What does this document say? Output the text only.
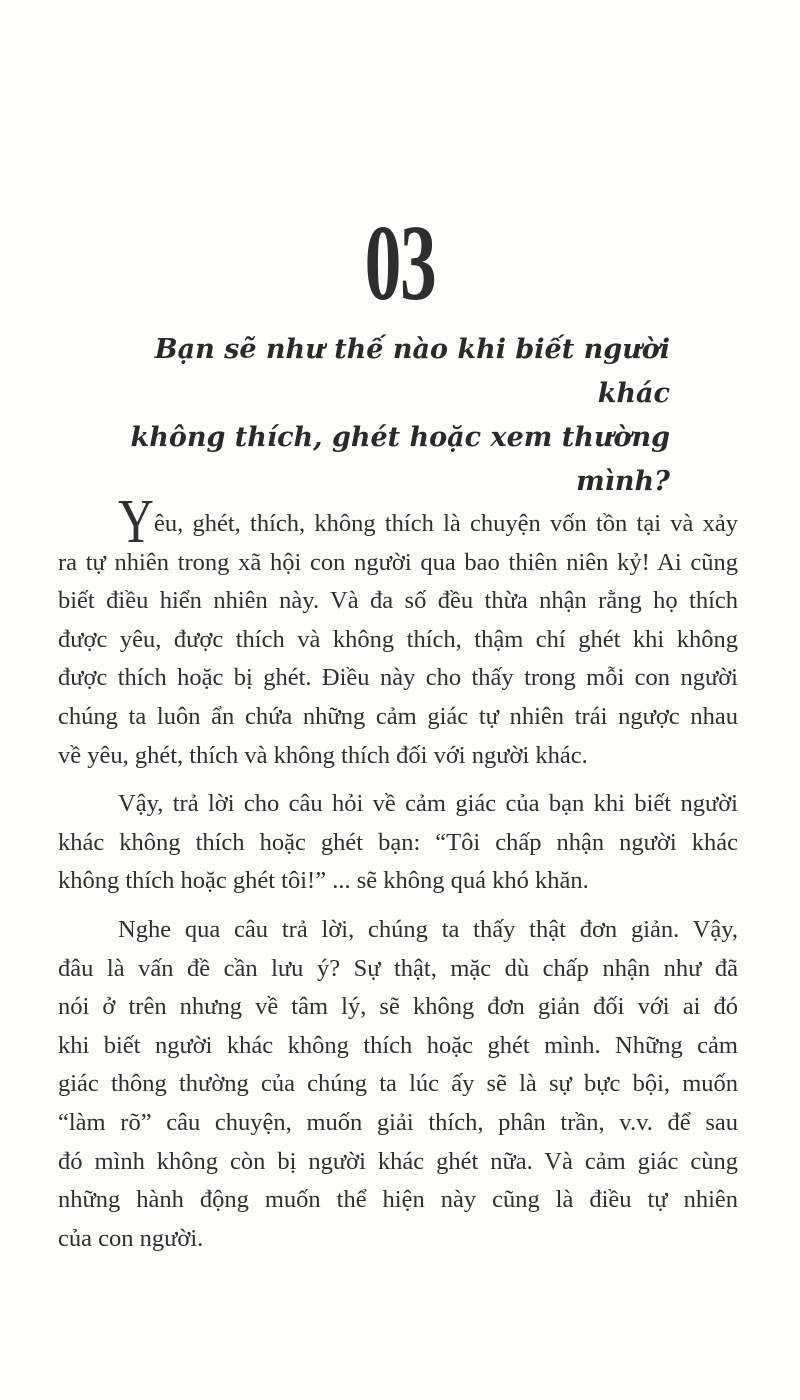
03
Bạn sẽ như thế nào khi biết người khác
không thích, ghét hoặc xem thường mình?
Y êu, ghét, thích, không thích là chuyện vốn tồn tại và xảy
ra tự nhiên trong xã hội con người qua bao thiên niên kỷ! Ai cũng
biết điều hiển nhiên này. Và đa số đều thừa nhận rằng họ thích
được yêu, được thích và không thích, thậm chí ghét khi không
được thích hoặc bị ghét. Điều này cho thấy trong mỗi con người
chúng ta luôn ẩn chứa những cảm giác tự nhiên trái ngược nhau
về yêu, ghét, thích và không thích đối với người khác.
Vậy, trả lời cho câu hỏi về cảm giác của bạn khi biết người
khác không thích hoặc ghét bạn: “Tôi chấp nhận người khác
không thích hoặc ghét tôi!” ... sẽ không quá khó khăn.
Nghe qua câu trả lời, chúng ta thấy thật đơn giản. Vậy,
đâu là vấn đề cần lưu ý? Sự thật, mặc dù chấp nhận như đã
nói ở trên nhưng về tâm lý, sẽ không đơn giản đối với ai đó
khi biết người khác không thích hoặc ghét mình. Những cảm
giác thông thường của chúng ta lúc ấy sẽ là sự bực bội, muốn
“làm rõ” câu chuyện, muốn giải thích, phân trần, v.v. để sau
đó mình không còn bị người khác ghét nữa. Và cảm giác cùng
những hành động muốn thể hiện này cũng là điều tự nhiên
của con người.
